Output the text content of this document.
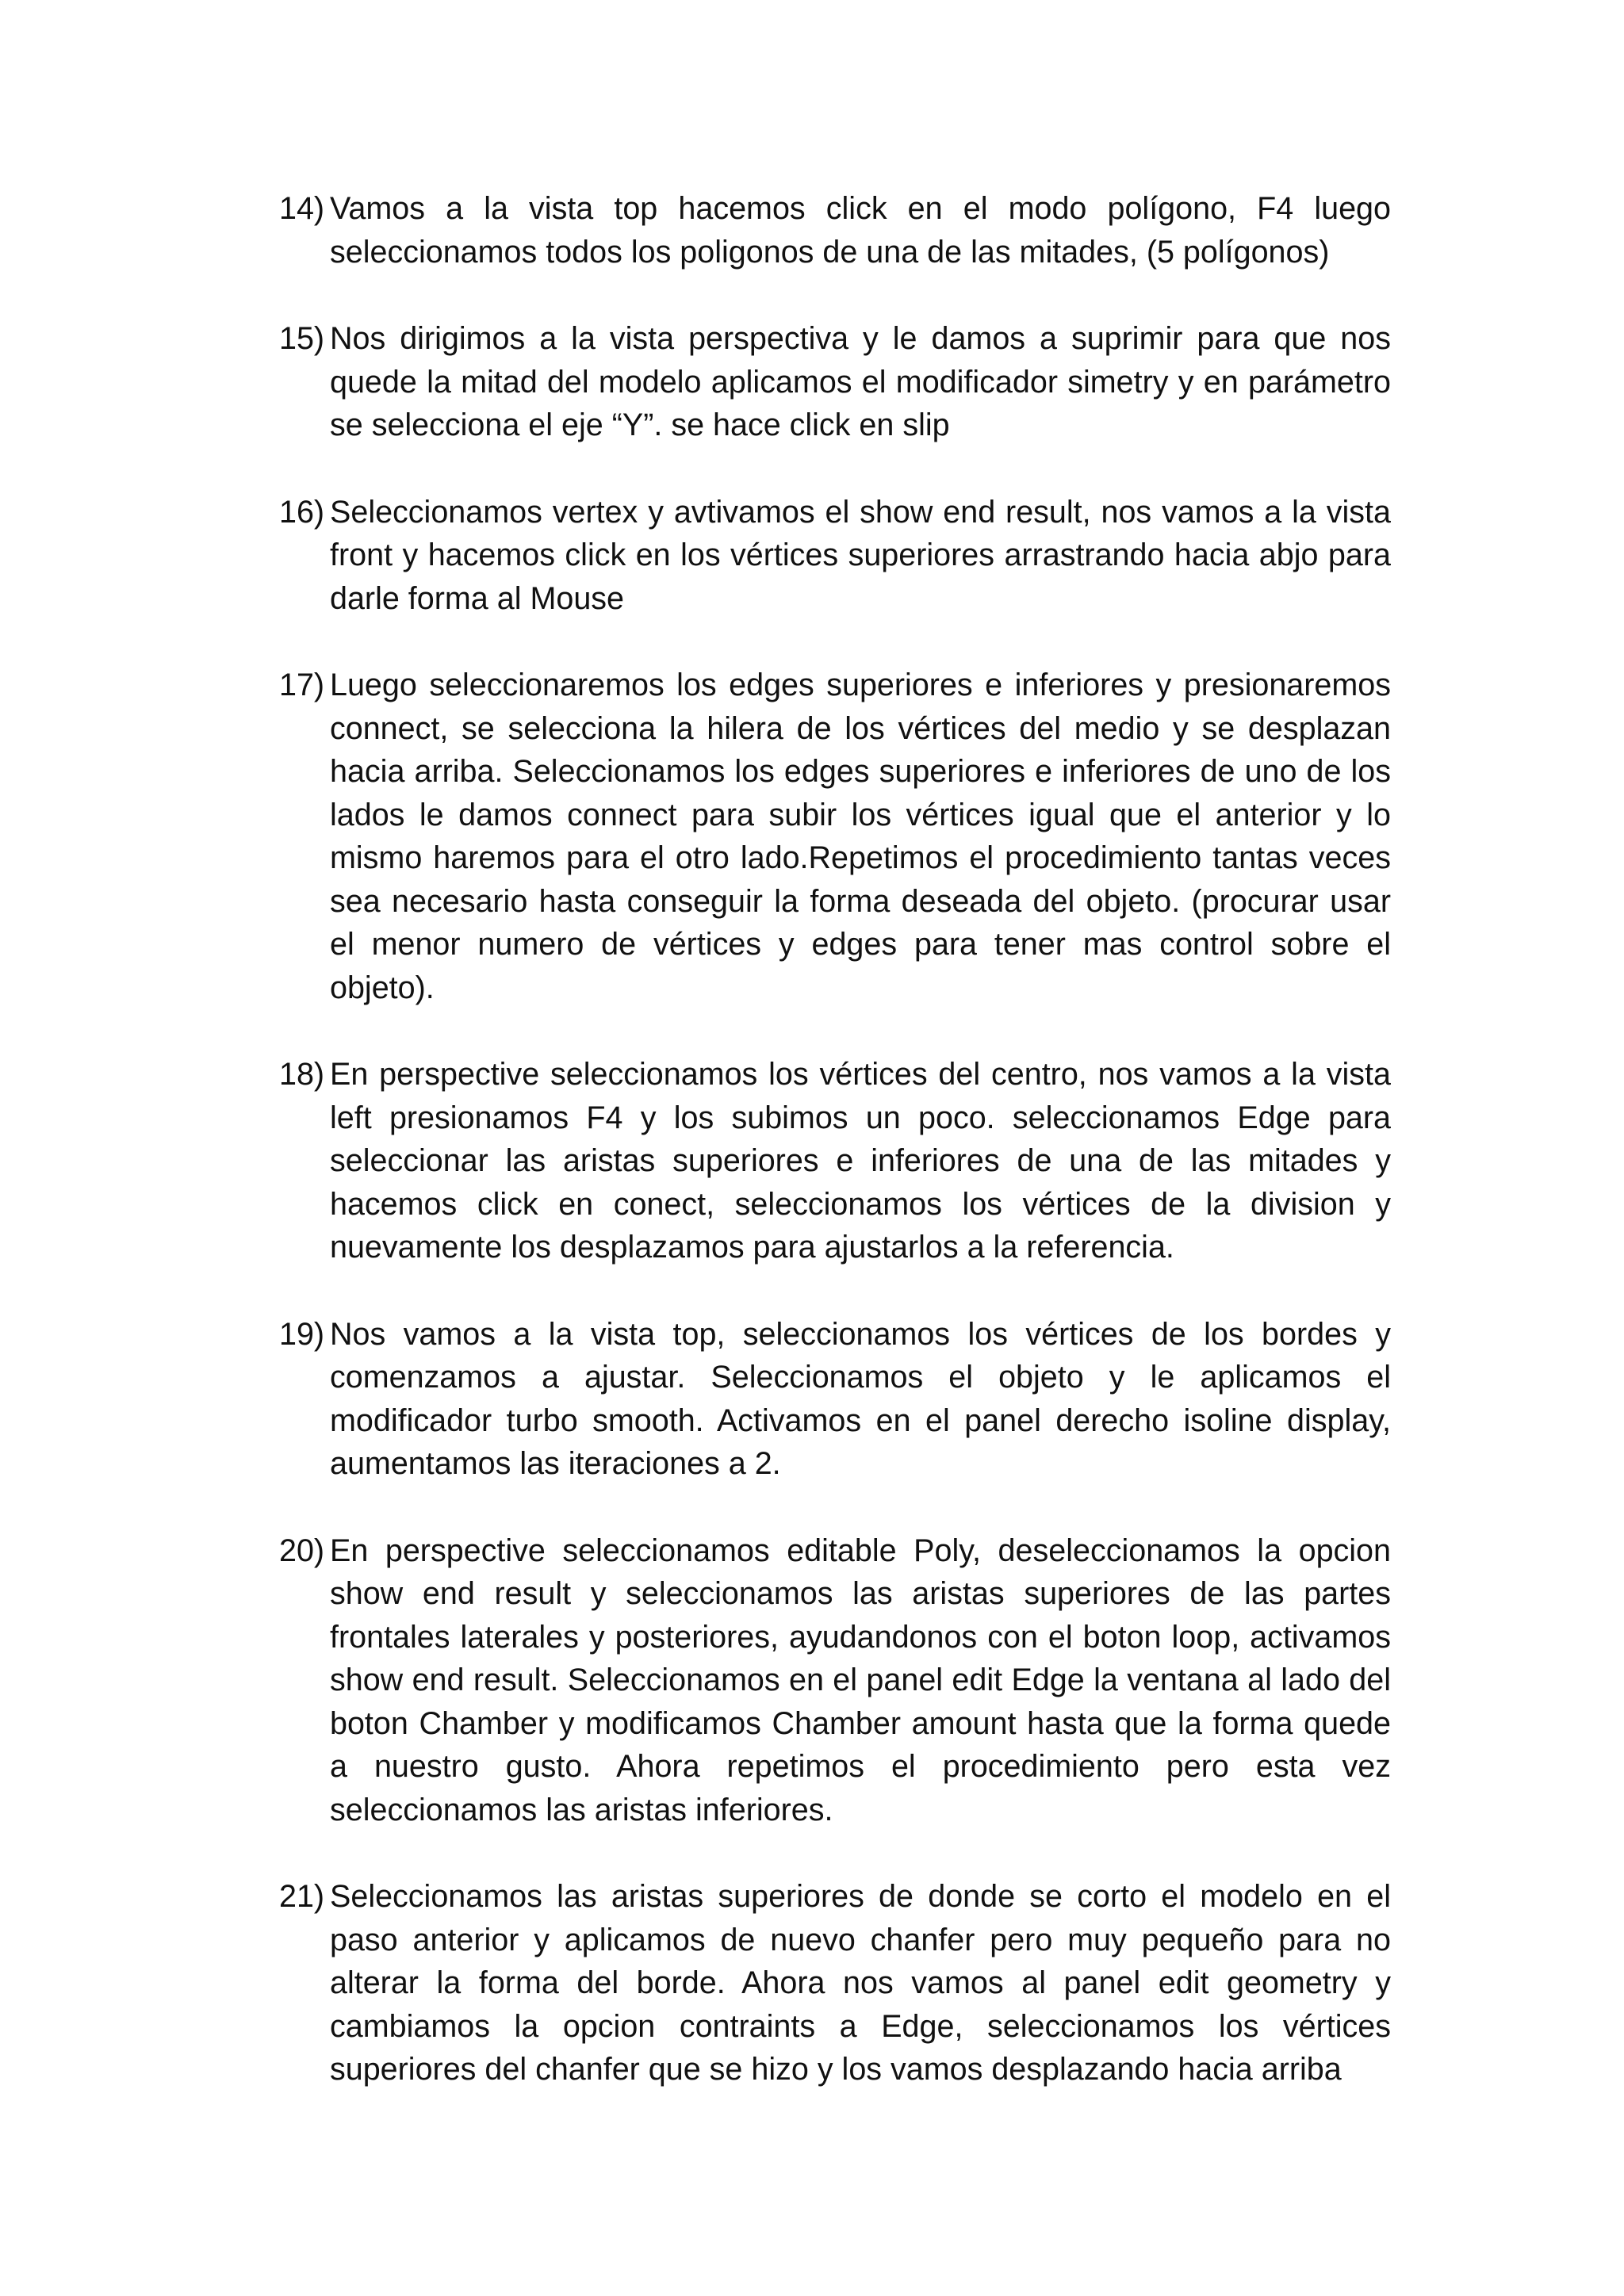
14) Vamos a la vista top hacemos click en el modo polígono, F4 luego seleccionamos todos los poligonos de una de las mitades, (5 polígonos)
15) Nos dirigimos a la vista perspectiva y le damos a suprimir para que nos quede la mitad del modelo aplicamos el modificador simetry y en parámetro se selecciona el eje “Y”. se hace click en slip
16) Seleccionamos vertex y avtivamos el show end result, nos vamos a la vista front y hacemos click en los vértices superiores arrastrando hacia abjo para darle forma al Mouse
17) Luego seleccionaremos los edges superiores e inferiores y presionaremos connect, se selecciona la hilera de los vértices del medio y se desplazan hacia arriba. Seleccionamos los edges superiores e inferiores de uno de los lados le damos connect para subir los vértices igual que el anterior y lo mismo haremos para el otro lado.Repetimos el procedimiento tantas veces sea necesario hasta conseguir la forma deseada del objeto. (procurar usar el menor numero de vértices y edges para tener mas control sobre el objeto).
18) En perspective seleccionamos los vértices del centro, nos vamos a la vista left presionamos F4 y los subimos un poco. seleccionamos Edge para seleccionar las aristas superiores e inferiores de una de las mitades y hacemos click en conect, seleccionamos los vértices de la division y nuevamente los desplazamos para ajustarlos a la referencia.
19) Nos vamos a la vista top, seleccionamos los vértices de los bordes y comenzamos a ajustar. Seleccionamos el objeto y le aplicamos el modificador turbo smooth. Activamos en el panel derecho isoline display, aumentamos las iteraciones a 2.
20) En perspective seleccionamos editable Poly, deseleccionamos la opcion show end result y seleccionamos las aristas superiores de las partes frontales laterales y posteriores, ayudandonos con el boton loop, activamos show end result. Seleccionamos en el panel edit Edge la ventana al lado del boton Chamber y modificamos Chamber amount hasta que la forma quede a nuestro gusto. Ahora repetimos el procedimiento pero esta vez seleccionamos las aristas inferiores.
21) Seleccionamos las aristas superiores de donde se corto el modelo en el paso anterior y aplicamos de nuevo chanfer pero muy pequeño para no alterar la forma del borde. Ahora nos vamos al panel edit geometry y cambiamos la opcion contraints a Edge, seleccionamos los vértices superiores del chanfer que se hizo y los vamos desplazando hacia arriba
